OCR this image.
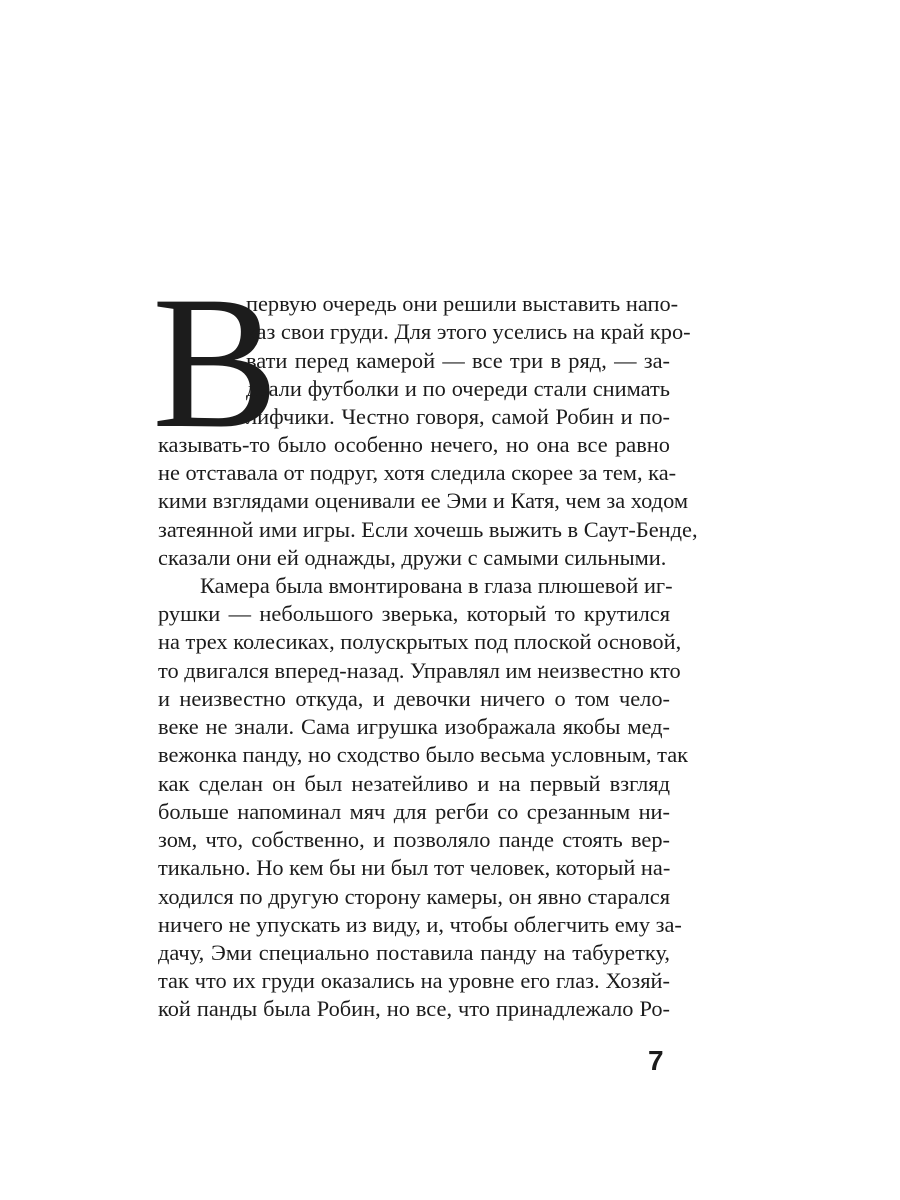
В
первую очередь они решили выставить напо-
каз свои груди. Для этого уселись на край кро-
вати перед камерой — все три в ряд, — за-
драли футболки и по очереди стали снимать
лифчики. Честно говоря, самой Робин и по-
казывать-то было особенно нечего, но она все равно
не отставала от подруг, хотя следила скорее за тем, ка-
кими взглядами оценивали ее Эми и Катя, чем за ходом
затеянной ими игры. Если хочешь выжить в Саут-Бенде,
сказали они ей однажды, дружи с самыми сильными.
Камера была вмонтирована в глаза плюшевой иг-
рушки — небольшого зверька, который то крутился
на трех колесиках, полускрытых под плоской основой,
то двигался вперед-назад. Управлял им неизвестно кто
и неизвестно откуда, и девочки ничего о том чело-
веке не знали. Сама игрушка изображала якобы мед-
вежонка панду, но сходство было весьма условным, так
как сделан он был незатейливо и на первый взгляд
больше напоминал мяч для регби со срезанным ни-
зом, что, собственно, и позволяло панде стоять вер-
тикально. Но кем бы ни был тот человек, который на-
ходился по другую сторону камеры, он явно старался
ничего не упускать из виду, и, чтобы облегчить ему за-
дачу, Эми специально поставила панду на табуретку,
так что их груди оказались на уровне его глаз. Хозяй-
кой панды была Робин, но все, что принадлежало Ро-
7
